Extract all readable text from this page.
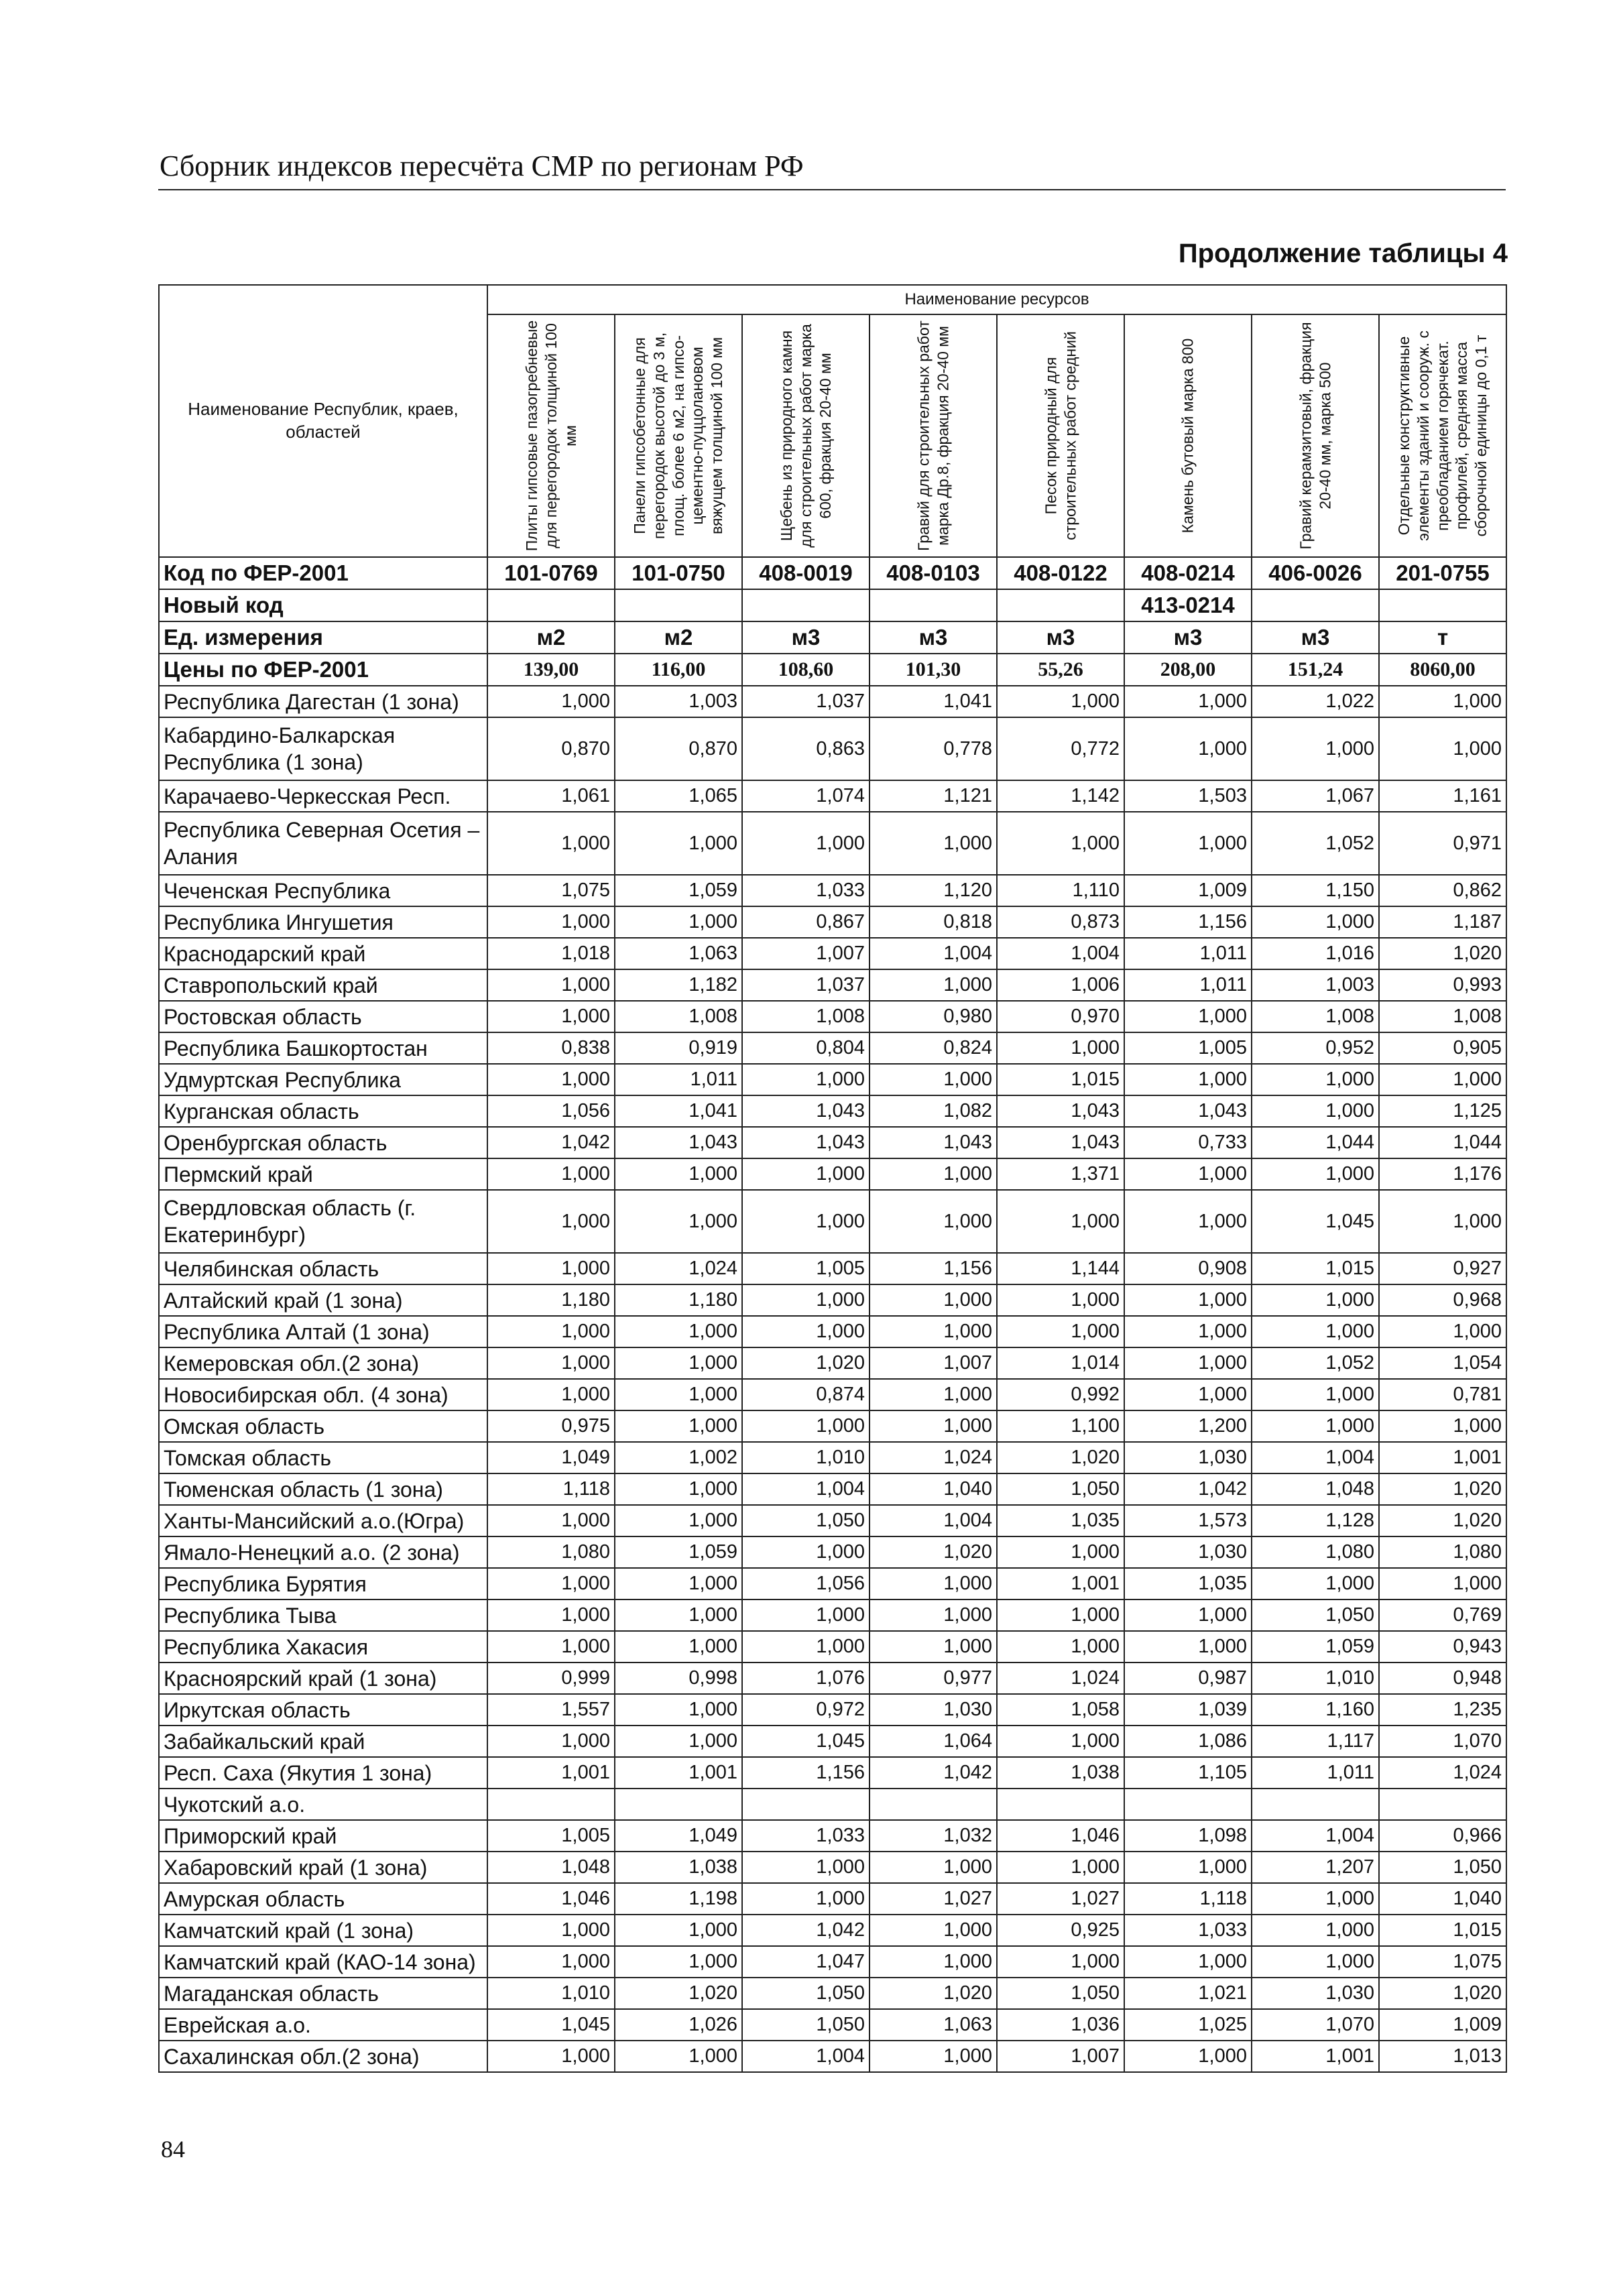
Сборник индексов пересчёта СМР по регионам РФ
Продолжение таблицы 4
Наименование Республик, краев, областей	Наименование ресурсов							

	Плиты гипсовые пазогребневые для перегородок толщиной 100 мм	Панели гипсобетонные для перегородок высотой до 3 м, площ. более 6 м2, на гипсо-цементно-пуццолановом вяжущем толщиной 100 мм	Щебень из природного камня для строительных работ марка 600, фракция 20-40 мм	Гравий для строительных работ марка Др.8, фракция 20-40 мм	Песок природный для строительных работ средний	Камень бутовый марка 800	Гравий керамзитовый, фракция 20-40 мм, марка 500	Отдельные конструктивные элементы зданий и сооруж. с преобладанием горячекат. профилей, средняя масса сборочной единицы до 0,1 т

Код по ФЕР-2001	101-0769	101-0750	408-0019	408-0103	408-0122	408-0214	406-0026	201-0755
Новый код						413-0214		
Ед. измерения	м2	м2	м3	м3	м3	м3	м3	т
Цены по ФЕР-2001	139,00	116,00	108,60	101,30	55,26	208,00	151,24	8060,00
Республика Дагестан (1 зона)	1,000	1,003	1,037	1,041	1,000	1,000	1,022	1,000
Кабардино-Балкарская Республика (1 зона)	0,870	0,870	0,863	0,778	0,772	1,000	1,000	1,000
Карачаево-Черкесская Респ.	1,061	1,065	1,074	1,121	1,142	1,503	1,067	1,161
Республика Северная Осетия – Алания	1,000	1,000	1,000	1,000	1,000	1,000	1,052	0,971
Чеченская Республика	1,075	1,059	1,033	1,120	1,110	1,009	1,150	0,862
Республика Ингушетия	1,000	1,000	0,867	0,818	0,873	1,156	1,000	1,187
Краснодарский край	1,018	1,063	1,007	1,004	1,004	1,011	1,016	1,020
Ставропольский край	1,000	1,182	1,037	1,000	1,006	1,011	1,003	0,993
Ростовская область	1,000	1,008	1,008	0,980	0,970	1,000	1,008	1,008
Республика Башкортостан	0,838	0,919	0,804	0,824	1,000	1,005	0,952	0,905
Удмуртская Республика	1,000	1,011	1,000	1,000	1,015	1,000	1,000	1,000
Курганская область	1,056	1,041	1,043	1,082	1,043	1,043	1,000	1,125
Оренбургская область	1,042	1,043	1,043	1,043	1,043	0,733	1,044	1,044
Пермский край	1,000	1,000	1,000	1,000	1,371	1,000	1,000	1,176
Свердловская область (г. Екатеринбург)	1,000	1,000	1,000	1,000	1,000	1,000	1,045	1,000
Челябинская область	1,000	1,024	1,005	1,156	1,144	0,908	1,015	0,927
Алтайский край (1 зона)	1,180	1,180	1,000	1,000	1,000	1,000	1,000	0,968
Республика Алтай (1 зона)	1,000	1,000	1,000	1,000	1,000	1,000	1,000	1,000
Кемеровская обл.(2 зона)	1,000	1,000	1,020	1,007	1,014	1,000	1,052	1,054
Новосибирская обл. (4 зона)	1,000	1,000	0,874	1,000	0,992	1,000	1,000	0,781
Омская область	0,975	1,000	1,000	1,000	1,100	1,200	1,000	1,000
Томская область	1,049	1,002	1,010	1,024	1,020	1,030	1,004	1,001
Тюменская область (1 зона)	1,118	1,000	1,004	1,040	1,050	1,042	1,048	1,020
Ханты-Мансийский а.о.(Югра)	1,000	1,000	1,050	1,004	1,035	1,573	1,128	1,020
Ямало-Ненецкий а.о. (2 зона)	1,080	1,059	1,000	1,020	1,000	1,030	1,080	1,080
Республика Бурятия	1,000	1,000	1,056	1,000	1,001	1,035	1,000	1,000
Республика Тыва	1,000	1,000	1,000	1,000	1,000	1,000	1,050	0,769
Республика Хакасия	1,000	1,000	1,000	1,000	1,000	1,000	1,059	0,943
Красноярский край (1 зона)	0,999	0,998	1,076	0,977	1,024	0,987	1,010	0,948
Иркутская область	1,557	1,000	0,972	1,030	1,058	1,039	1,160	1,235
Забайкальский край	1,000	1,000	1,045	1,064	1,000	1,086	1,117	1,070
Респ. Саха (Якутия 1 зона)	1,001	1,001	1,156	1,042	1,038	1,105	1,011	1,024
Чукотский а.о.								
Приморский край	1,005	1,049	1,033	1,032	1,046	1,098	1,004	0,966
Хабаровский край (1 зона)	1,048	1,038	1,000	1,000	1,000	1,000	1,207	1,050
Амурская область	1,046	1,198	1,000	1,027	1,027	1,118	1,000	1,040
Камчатский край (1 зона)	1,000	1,000	1,042	1,000	0,925	1,033	1,000	1,015
Камчатский край (КАО-14 зона)	1,000	1,000	1,047	1,000	1,000	1,000	1,000	1,075
Магаданская область	1,010	1,020	1,050	1,020	1,050	1,021	1,030	1,020
Еврейская а.о.	1,045	1,026	1,050	1,063	1,036	1,025	1,070	1,009
Сахалинская обл.(2 зона)	1,000	1,000	1,004	1,000	1,007	1,000	1,001	1,013
84
